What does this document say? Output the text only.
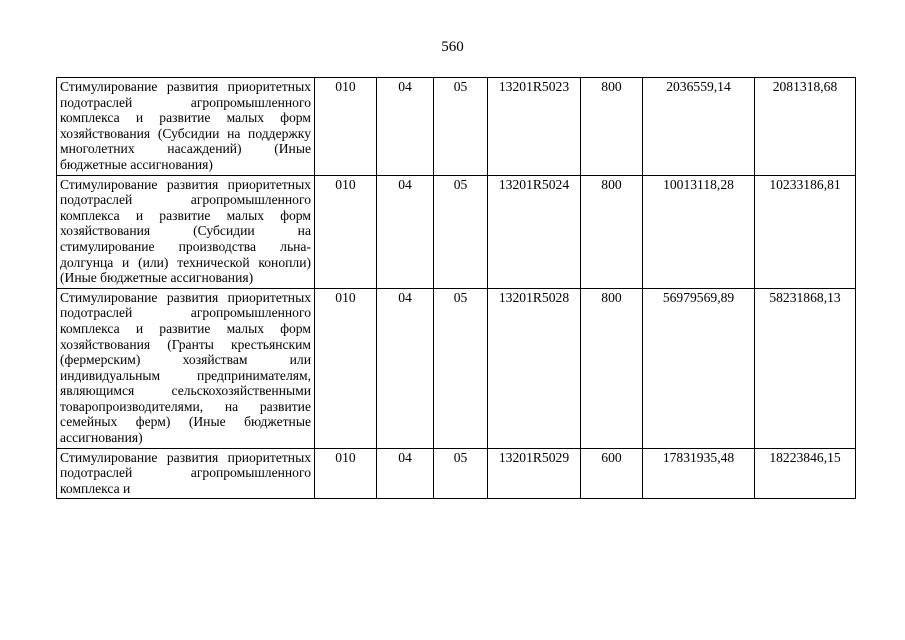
560
Стимулирование развития приоритетных подотраслей агропромышленного комплекса и развитие малых форм хозяйствования (Субсидии на поддержку многолетних насаждений) (Иные бюджетные ассигнования)	010	04	05	13201R5023	800	2036559,14	2081318,68
Стимулирование развития приоритетных подотраслей агропромышленного комплекса и развитие малых форм хозяйствования (Субсидии на стимулирование производства льна-долгунца и (или) технической конопли) (Иные бюджетные ассигнования)	010	04	05	13201R5024	800	10013118,28	10233186,81
Стимулирование развития приоритетных подотраслей агропромышленного комплекса и развитие малых форм хозяйствования (Гранты крестьянским (фермерским) хозяйствам или индивидуальным предпринимателям, являющимся сельскохозяйственными товаропроизводителями, на развитие семейных ферм) (Иные бюджетные ассигнования)	010	04	05	13201R5028	800	56979569,89	58231868,13
Стимулирование развития приоритетных подотраслей агропромышленного комплекса и	010	04	05	13201R5029	600	17831935,48	18223846,15
